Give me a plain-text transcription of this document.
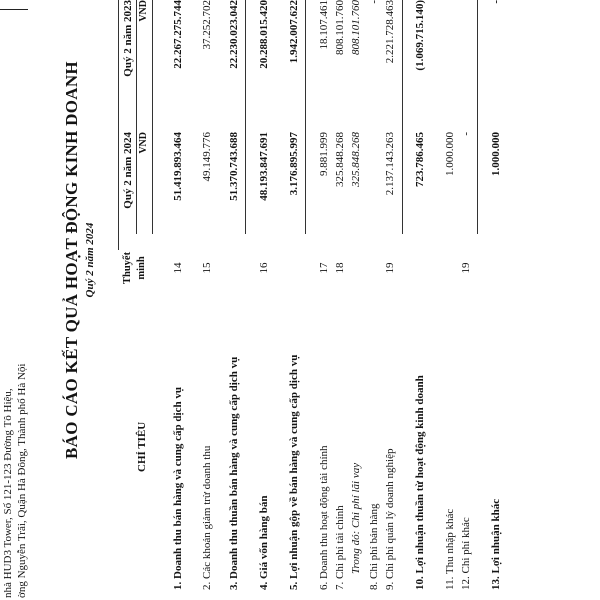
nhà HUD3 Tower, Số 121-123 Đường Tô Hiệu, ờng Nguyễn Trãi, Quận Hà Đông, Thành phố Hà Nội
BÁO CÁO KẾT QUẢ HOẠT ĐỘNG KINH DOANH Quý 2 năm 2024
CHỈ TIÊU
Thuyết minh
Quý 2 năm 2024 VND
Quý 2 năm 2023 VND
1. Doanh thu bán hàng và cung cấp dịch vụ
14
51.419.893.464
22.267.275.744
2. Các khoản giảm trừ doanh thu
15
49.149.776
37.252.702
3. Doanh thu thuần bán hàng và cung cấp dịch vụ
51.370.743.688
22.230.023.042
4. Giá vốn hàng bán
16
48.193.847.691
20.288.015.420
5. Lợi nhuận gộp về bán hàng và cung cấp dịch vụ
3.176.895.997
1.942.007.622
6. Doanh thu hoạt động tài chính
17
9.881.999
18.107.461
7. Chi phí tài chính
18
325.848.268
808.101.760
Trong đó: Chi phí lãi vay
325.848.268
808.101.760
8. Chi phí bán hàng
-
9. Chi phí quản lý doanh nghiệp
19
2.137.143.263
2.221.728.463
10. Lợi nhuận thuần từ hoạt động kinh doanh
723.786.465
(1.069.715.140)
11. Thu nhập khác
1.000.000
12. Chi phí khác
19
-
13. Lợi nhuận khác
1.000.000
-
